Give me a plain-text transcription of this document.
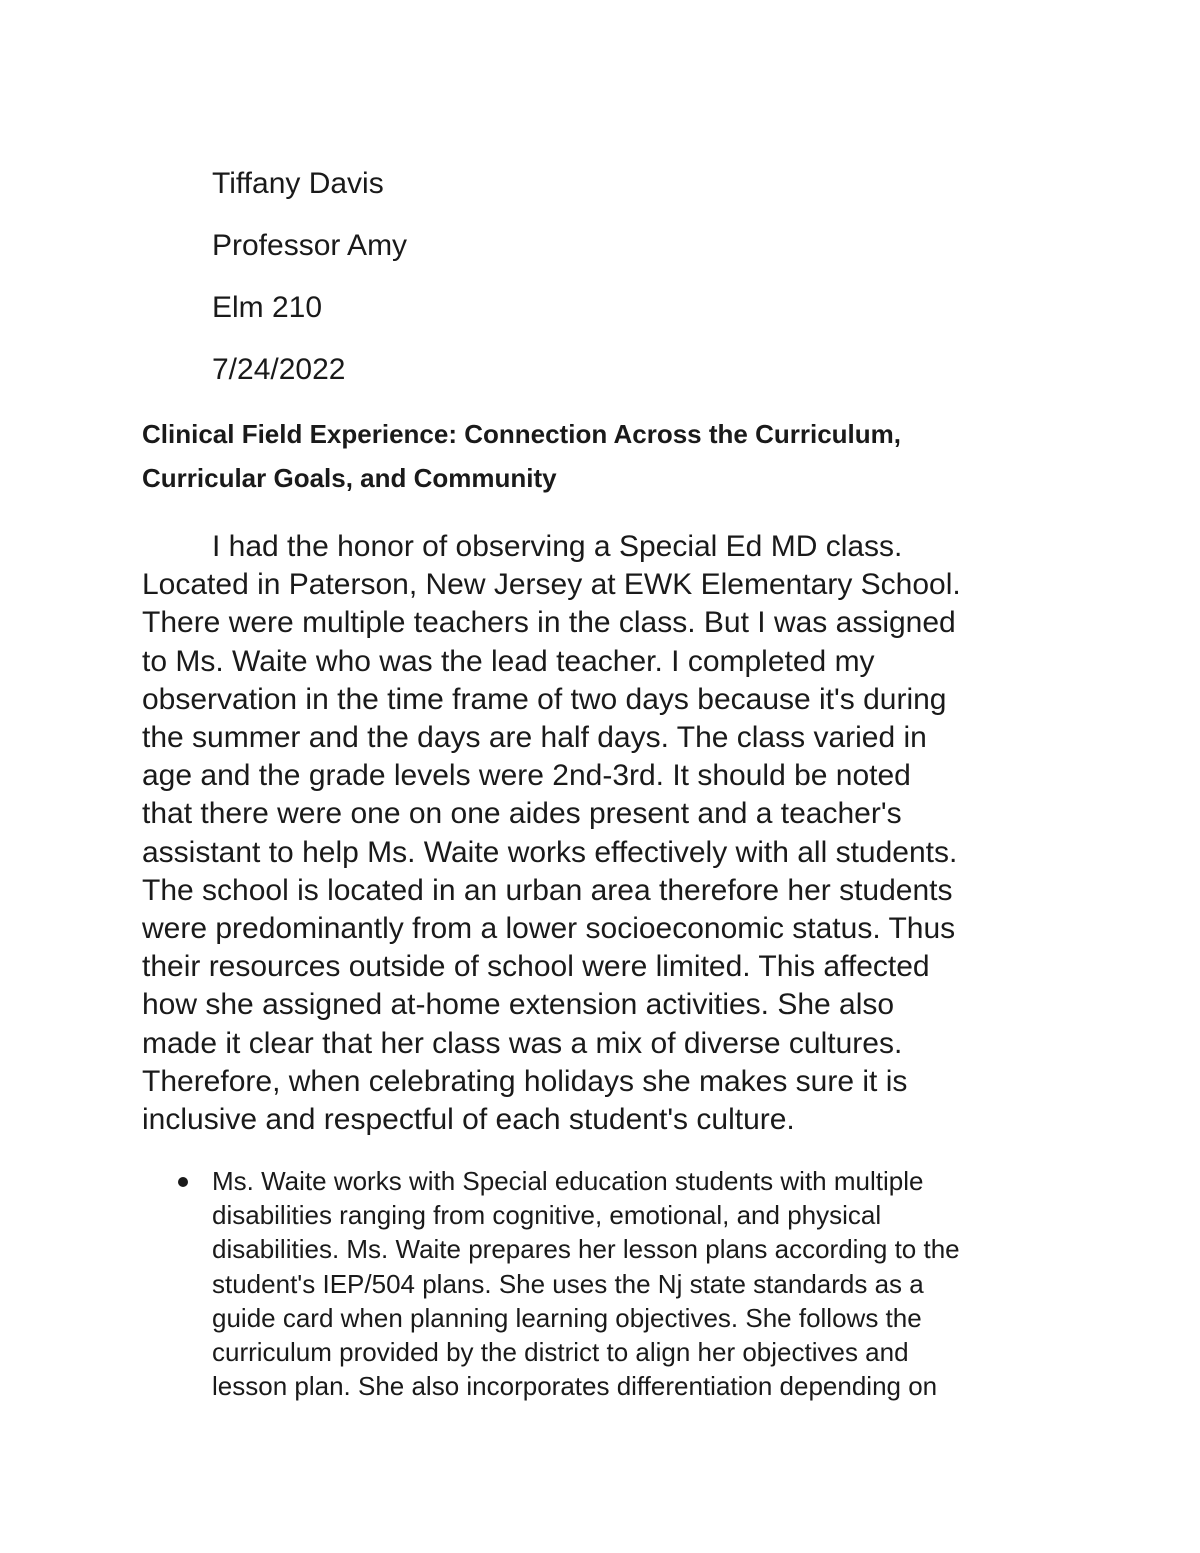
Tiffany Davis

Professor Amy

Elm 210

7/24/2022

Clinical Field Experience: Connection Across the Curriculum,
Curricular Goals, and Community

I had the honor of observing a Special Ed MD class.
Located in Paterson, New Jersey at EWK Elementary School.
There were multiple teachers in the class. But I was assigned
to Ms. Waite who was the lead teacher. I completed my
observation in the time frame of two days because it's during
the summer and the days are half days. The class varied in
age and the grade levels were 2nd-3rd. It should be noted
that there were one on one aides present and a teacher's
assistant to help Ms. Waite works effectively with all students.
The school is located in an urban area therefore her students
were predominantly from a lower socioeconomic status. Thus
their resources outside of school were limited. This affected
how she assigned at-home extension activities. She also
made it clear that her class was a mix of diverse cultures.
Therefore, when celebrating holidays she makes sure it is
inclusive and respectful of each student's culture.

Ms. Waite works with Special education students with multiple
disabilities ranging from cognitive, emotional, and physical
disabilities. Ms. Waite prepares her lesson plans according to the
student's IEP/504 plans. She uses the Nj state standards as a
guide card when planning learning objectives. She follows the
curriculum provided by the district to align her objectives and
lesson plan. She also incorporates differentiation depending on
